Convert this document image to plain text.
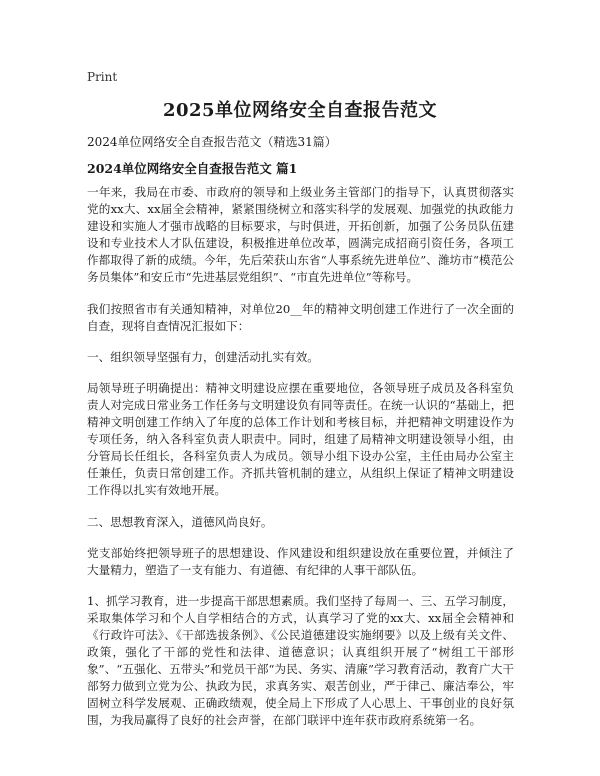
Print
2025单位网络安全自查报告范文
2024单位网络安全自查报告范文（精选31篇）
2024单位网络安全自查报告范文 篇1

一年来，我局在市委、市政府的领导和上级业务主管部门的指导下，认真贯彻落实党的xx大、xx届全会精神，紧紧围绕树立和落实科学的发展观、加强党的执政能力建设和实施人才强市战略的目标要求，与时俱进，开拓创新，加强了公务员队伍建设和专业技术人才队伍建设，积极推进单位改革，圆满完成招商引资任务，各项工作都取得了新的成绩。今年，先后荣获山东省“人事系统先进单位”、潍坊市“模范公务员集体”和安丘市“先进基层党组织”、“市直先进单位”等称号。

我们按照省市有关通知精神，对单位20__年的精神文明创建工作进行了一次全面的自查，现将自查情况汇报如下：

一、组织领导坚强有力，创建活动扎实有效。

局领导班子明确提出：精神文明建设应摆在重要地位，各领导班子成员及各科室负责人对完成日常业务工作任务与文明建设负有同等责任。在统一认识的“基础上，把精神文明创建工作纳入了年度的总体工作计划和考核目标，并把精神文明建设作为专项任务，纳入各科室负责人职责中。同时，组建了局精神文明建设领导小组，由分管局长任组长，各科室负责人为成员。领导小组下设办公室，主任由局办公室主任兼任，负责日常创建工作。齐抓共管机制的建立，从组织上保证了精神文明建设工作得以扎实有效地开展。

二、思想教育深入，道德风尚良好。

党支部始终把领导班子的思想建设、作风建设和组织建设放在重要位置，并倾注了大量精力，塑造了一支有能力、有道德、有纪律的人事干部队伍。

1、抓学习教育，进一步提高干部思想素质。我们坚持了每周一、三、五学习制度，采取集体学习和个人自学相结合的方式，认真学习了党的xx大、xx届全会精神和《行政许可法》、《干部选拔条例》、《公民道德建设实施纲要》以及上级有关文件、政策，强化了干部的党性和法律、道德意识；认真组织开展了“树组工干部形象”、“五强化、五带头”和党员干部“为民、务实、清廉”学习教育活动，教育广大干部努力做到立党为公、执政为民，求真务实、艰苦创业，严于律己、廉洁奉公，牢固树立科学发展观、正确政绩观，使全局上下形成了人心思上、干事创业的良好氛围，为我局赢得了良好的社会声誉，在部门联评中连年获市政府系统第一名。
